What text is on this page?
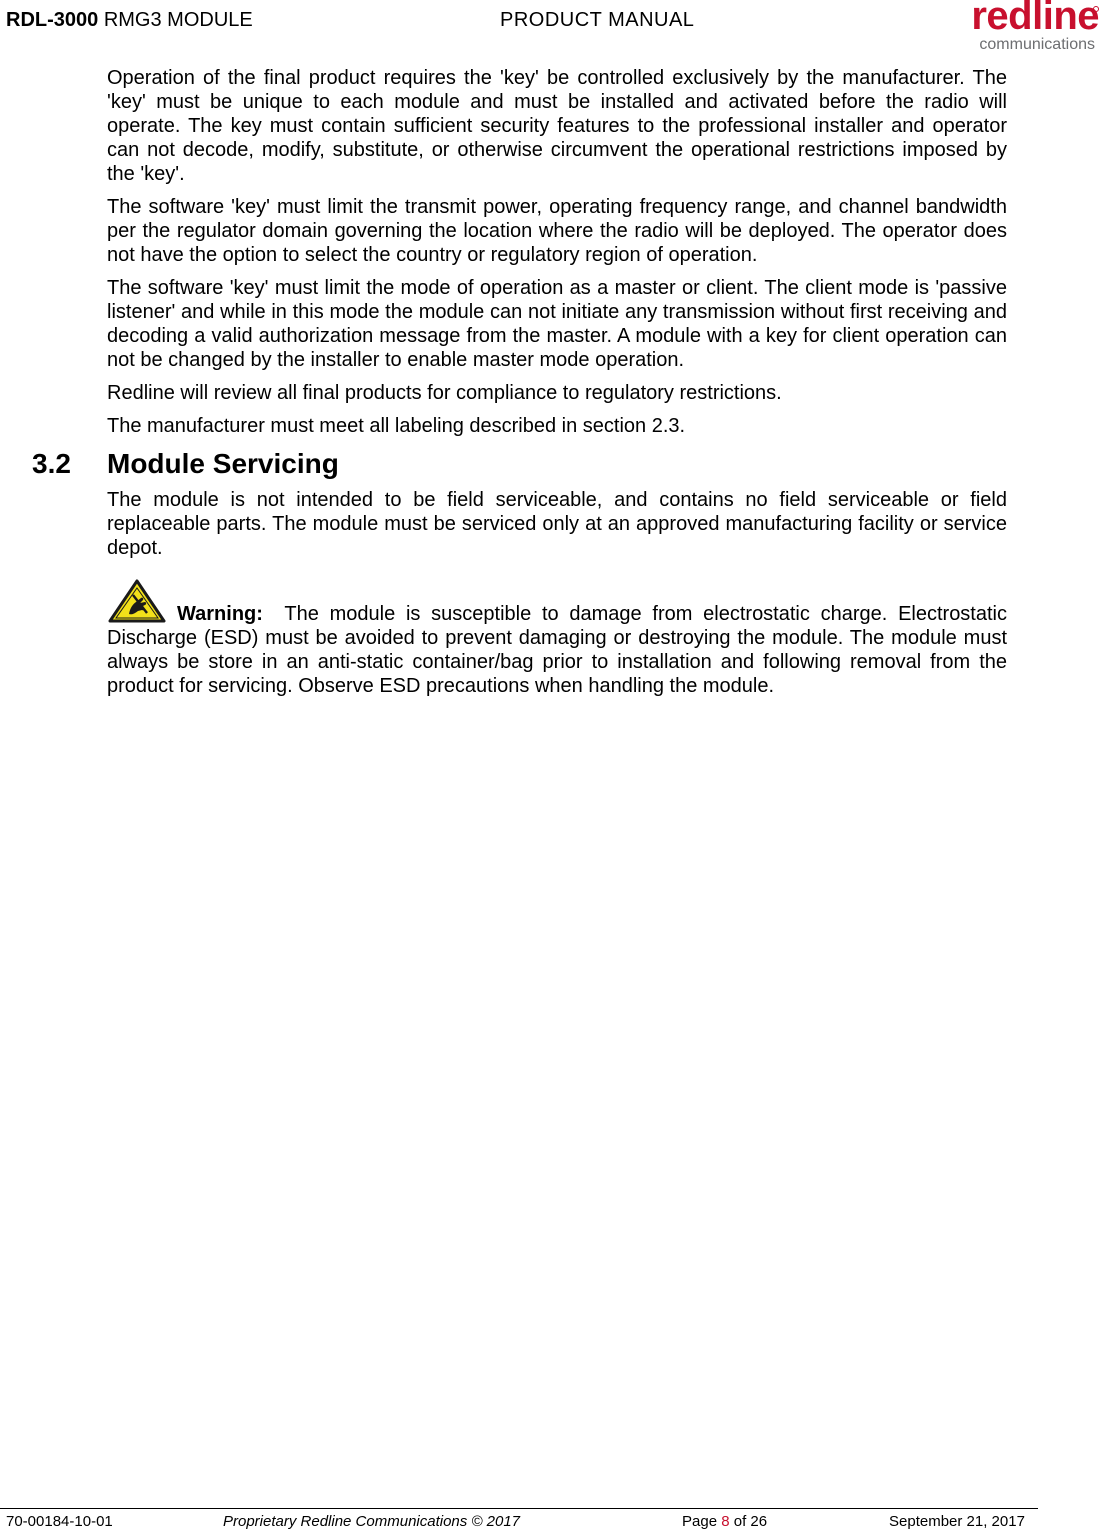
RDL-3000 RMG3 MODULE	PRODUCT MANUAL	redline
communications

Operation of the final product requires the 'key' be controlled exclusively by the manufacturer. The 'key' must be unique to each module and must be installed and activated before the radio will operate. The key must contain sufficient security features to the professional installer and operator can not decode, modify, substitute, or otherwise circumvent the operational restrictions imposed by the 'key'.

The software 'key' must limit the transmit power, operating frequency range, and channel bandwidth per the regulator domain governing the location where the radio will be deployed. The operator does not have the option to select the country or regulatory region of operation.

The software 'key' must limit the mode of operation as a master or client. The client mode is 'passive listener' and while in this mode the module can not initiate any transmission without first receiving and decoding a valid authorization message from the master. A module with a key for client operation can not be changed by the installer to enable master mode operation.

Redline will review all final products for compliance to regulatory restrictions.

The manufacturer must meet all labeling described in section 2.3.

3.2 Module Servicing

The module is not intended to be field serviceable, and contains no field serviceable or field replaceable parts. The module must be serviced only at an approved manufacturing facility or service depot.

Warning: The module is susceptible to damage from electrostatic charge. Electrostatic Discharge (ESD) must be avoided to prevent damaging or destroying the module. The module must always be store in an anti-static container/bag prior to installation and following removal from the product for servicing. Observe ESD precautions when handling the module.
70-00184-10-01	Proprietary Redline Communications © 2017	Page 8 of 26	September 21, 2017
